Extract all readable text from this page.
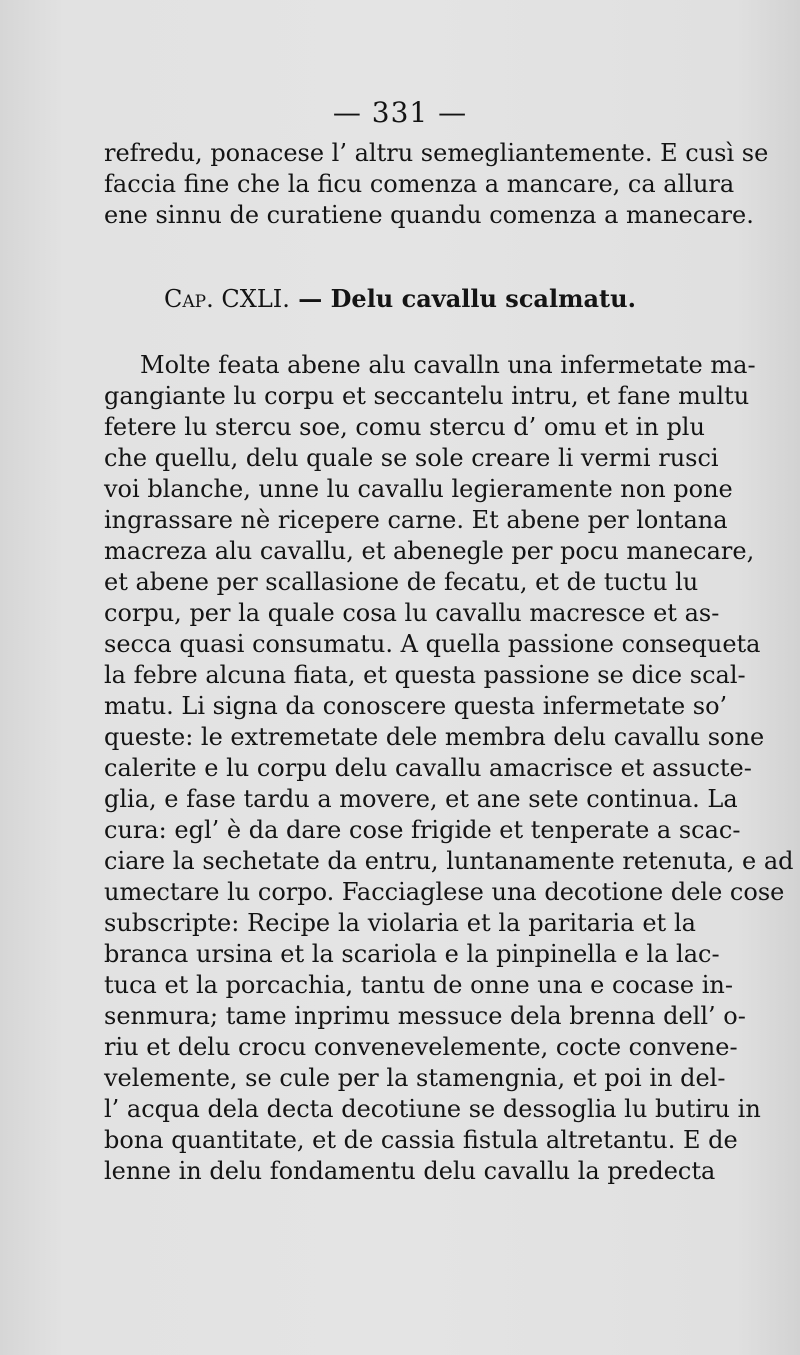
— 331 —
refredu, ponacese l’ altru semegliantemente. E cusì se
faccia fine che la ficu comenza a mancare, ca allura
ene sinnu de curatiene quandu comenza a manecare.
Cap. CXLI. — Delu cavallu scalmatu.
Molte feata abene alu cavalln una infermetate ma-
gangiante lu corpu et seccantelu intru, et fane multu
fetere lu stercu soe, comu stercu d’ omu et in plu
che quellu, delu quale se sole creare li vermi rusci
voi blanche, unne lu cavallu legieramente non pone
ingrassare nè ricepere carne. Et abene per lontana
macreza alu cavallu, et abenegle per pocu manecare,
et abene per scallasione de fecatu, et de tuctu lu
corpu, per la quale cosa lu cavallu macresce et as-
secca quasi consumatu. A quella passione consequeta
la febre alcuna fiata, et questa passione se dice scal-
matu. Li signa da conoscere questa infermetate so’
queste: le extremetate dele membra delu cavallu sone
calerite e lu corpu delu cavallu amacrisce et assucte-
glia, e fase tardu a movere, et ane sete continua. La
cura: egl’ è da dare cose frigide et tenperate a scac-
ciare la sechetate da entru, luntanamente retenuta, e ad
umectare lu corpo. Facciaglese una decotione dele cose
subscripte: Recipe la violaria et la paritaria et la
branca ursina et la scariola e la pinpinella e la lac-
tuca et la porcachia, tantu de onne una e cocase in-
senmura; tame inprimu messuce dela brenna dell’ o-
riu et delu crocu convenevelemente, cocte convene-
velemente, se cule per la stamengnia, et poi in del-
l’ acqua dela decta decotiune se dessoglia lu butiru in
bona quantitate, et de cassia fistula altretantu. E de
lenne in delu fondamentu delu cavallu la predecta
